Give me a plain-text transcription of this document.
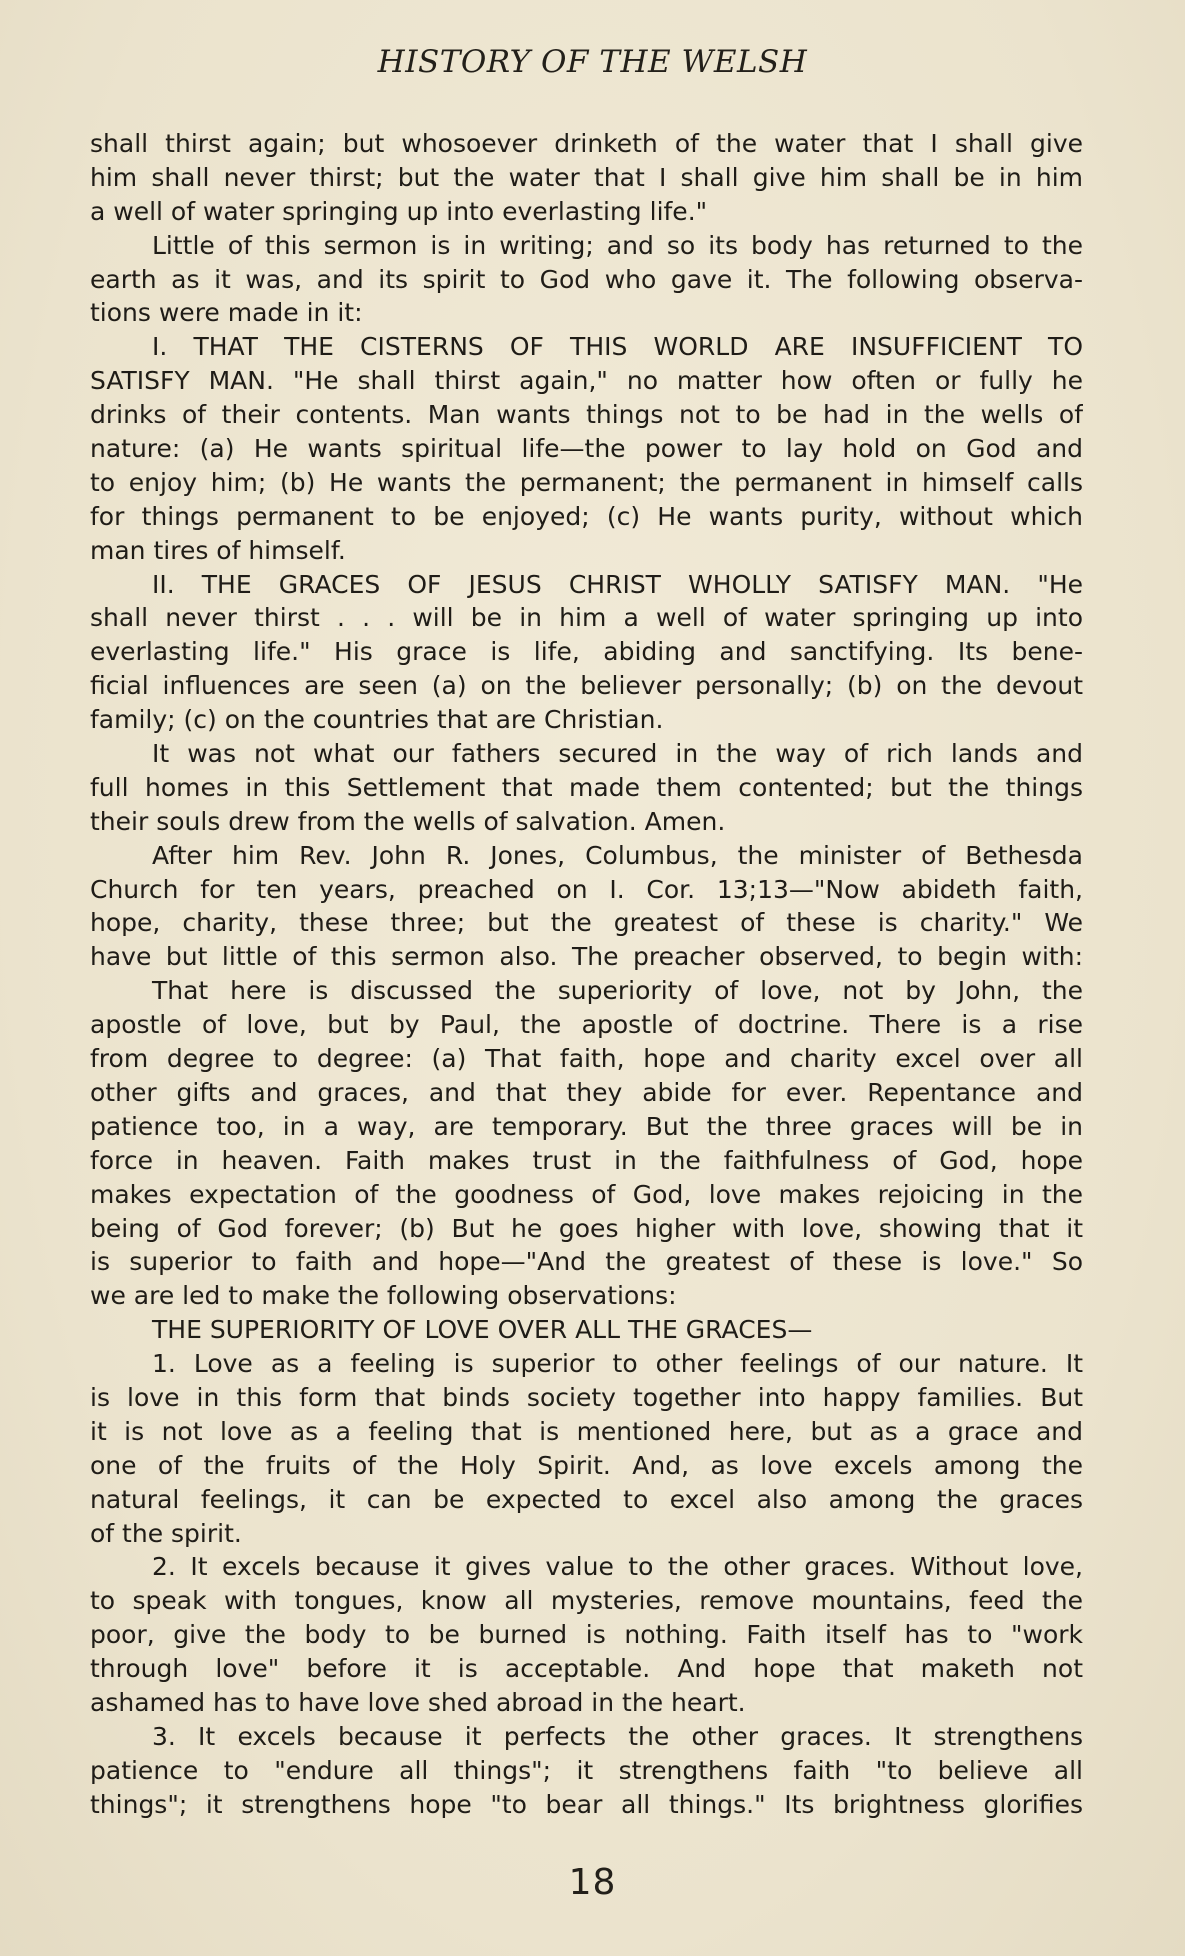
HISTORY OF THE WELSH
shall thirst again; but whosoever drinketh of the water that I shall give
him shall never thirst; but the water that I shall give him shall be in him
a well of water springing up into everlasting life."
Little of this sermon is in writing; and so its body has returned to the
earth as it was, and its spirit to God who gave it. The following observa-
tions were made in it:
I. THAT THE CISTERNS OF THIS WORLD ARE INSUFFICIENT TO
SATISFY MAN. "He shall thirst again," no matter how often or fully he
drinks of their contents. Man wants things not to be had in the wells of
nature: (a) He wants spiritual life—the power to lay hold on God and
to enjoy him; (b) He wants the permanent; the permanent in himself calls
for things permanent to be enjoyed; (c) He wants purity, without which
man tires of himself.
II. THE GRACES OF JESUS CHRIST WHOLLY SATISFY MAN. "He
shall never thirst . . . will be in him a well of water springing up into
everlasting life." His grace is life, abiding and sanctifying. Its bene-
ficial influences are seen (a) on the believer personally; (b) on the devout
family; (c) on the countries that are Christian.
It was not what our fathers secured in the way of rich lands and
full homes in this Settlement that made them contented; but the things
their souls drew from the wells of salvation. Amen.
After him Rev. John R. Jones, Columbus, the minister of Bethesda
Church for ten years, preached on I. Cor. 13;13—"Now abideth faith,
hope, charity, these three; but the greatest of these is charity." We
have but little of this sermon also. The preacher observed, to begin with:
That here is discussed the superiority of love, not by John, the
apostle of love, but by Paul, the apostle of doctrine. There is a rise
from degree to degree: (a) That faith, hope and charity excel over all
other gifts and graces, and that they abide for ever. Repentance and
patience too, in a way, are temporary. But the three graces will be in
force in heaven. Faith makes trust in the faithfulness of God, hope
makes expectation of the goodness of God, love makes rejoicing in the
being of God forever; (b) But he goes higher with love, showing that it
is superior to faith and hope—"And the greatest of these is love." So
we are led to make the following observations:
THE SUPERIORITY OF LOVE OVER ALL THE GRACES—
1. Love as a feeling is superior to other feelings of our nature. It
is love in this form that binds society together into happy families. But
it is not love as a feeling that is mentioned here, but as a grace and
one of the fruits of the Holy Spirit. And, as love excels among the
natural feelings, it can be expected to excel also among the graces
of the spirit.
2. It excels because it gives value to the other graces. Without love,
to speak with tongues, know all mysteries, remove mountains, feed the
poor, give the body to be burned is nothing. Faith itself has to "work
through love" before it is acceptable. And hope that maketh not
ashamed has to have love shed abroad in the heart.
3. It excels because it perfects the other graces. It strengthens
patience to "endure all things"; it strengthens faith "to believe all
things"; it strengthens hope "to bear all things." Its brightness glorifies
18
